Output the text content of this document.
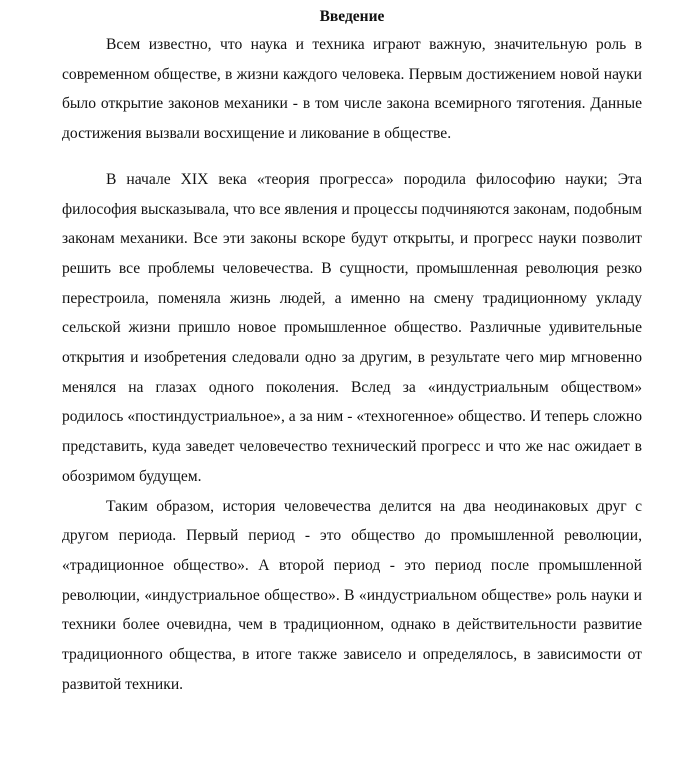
Введение

Всем известно, что наука и техника играют важную, значительную роль в современном обществе, в жизни каждого человека. Первым достижением новой науки было открытие законов механики - в том числе закона всемирного тяготения. Данные достижения вызвали восхищение и ликование в обществе.

В начале XIX века «теория прогресса» породила философию науки; Эта философия высказывала, что все явления и процессы подчиняются законам, подобным законам механики. Все эти законы вскоре будут открыты, и прогресс науки позволит решить все проблемы человечества. В сущности, промышленная революция резко перестроила, поменяла жизнь людей, а именно на смену традиционному укладу сельской жизни пришло новое промышленное общество. Различные удивительные открытия и изобретения следовали одно за другим, в результате чего мир мгновенно менялся на глазах одного поколения. Вслед за «индустриальным обществом» родилось «постиндустриальное», а за ним - «техногенное» общество. И теперь сложно представить, куда заведет человечество технический прогресс и что же нас ожидает в обозримом будущем.

Таким образом, история человечества делится на два неодинаковых друг с другом периода. Первый период - это общество до промышленной революции, «традиционное общество». А второй период - это период после промышленной революции, «индустриальное общество». В «индустриальном обществе» роль науки и техники более очевидна, чем в традиционном, однако в действительности развитие традиционного общества, в итоге также зависело и определялось, в зависимости от развитой техники.
